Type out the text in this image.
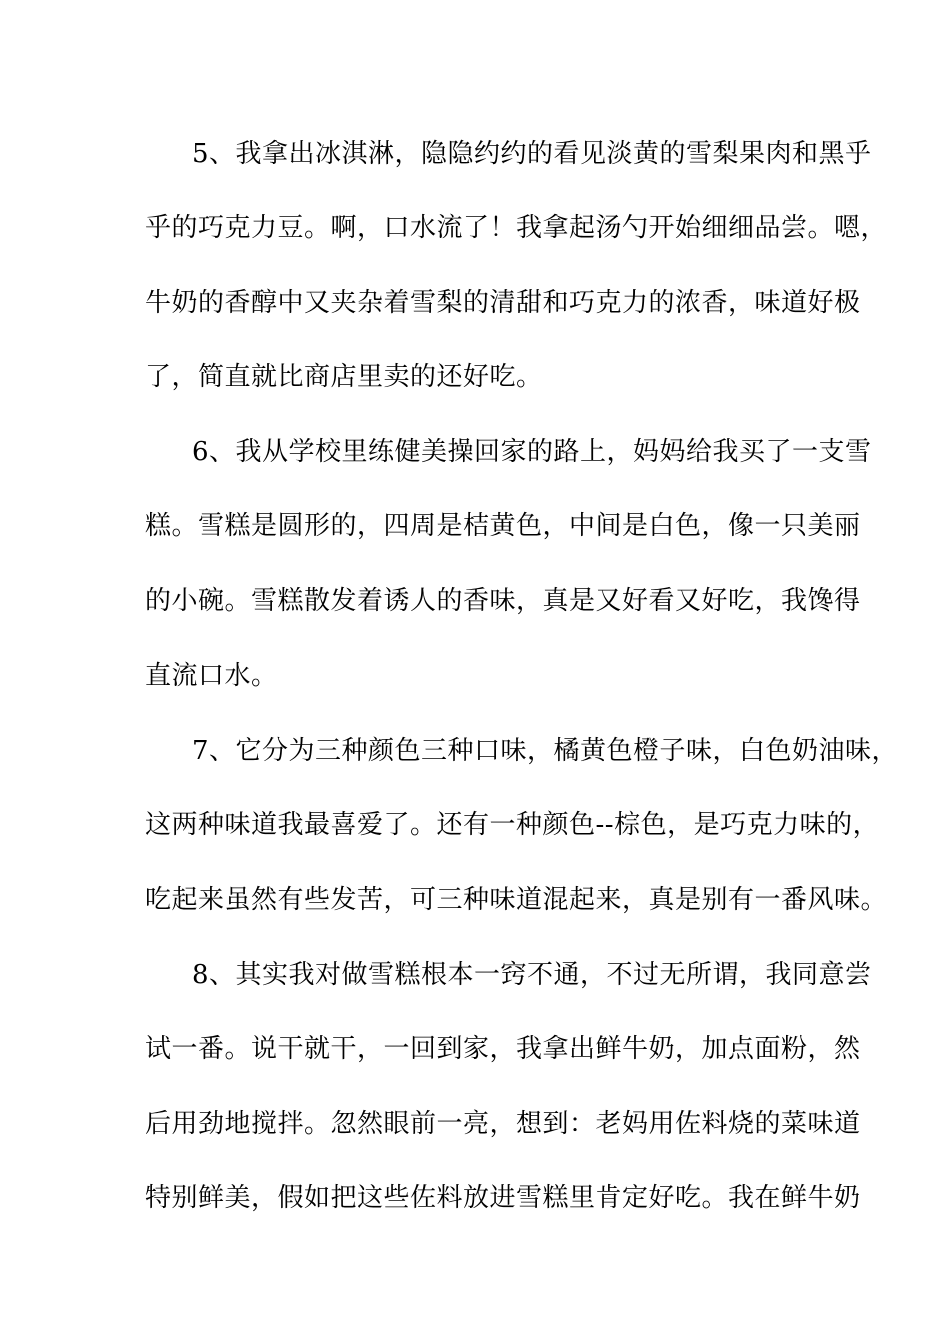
5、我拿出冰淇淋，隐隐约约的看见淡黄的雪梨果肉和黑乎
乎的巧克力豆。啊，口水流了！我拿起汤勺开始细细品尝。嗯，
牛奶的香醇中又夹杂着雪梨的清甜和巧克力的浓香，味道好极
了，简直就比商店里卖的还好吃。
6、我从学校里练健美操回家的路上，妈妈给我买了一支雪
糕。雪糕是圆形的，四周是桔黄色，中间是白色，像一只美丽
的小碗。雪糕散发着诱人的香味，真是又好看又好吃，我馋得
直流口水。
7、它分为三种颜色三种口味，橘黄色橙子味，白色奶油味，
这两种味道我最喜爱了。还有一种颜色--棕色，是巧克力味的，
吃起来虽然有些发苦，可三种味道混起来，真是别有一番风味。
8、其实我对做雪糕根本一窍不通，不过无所谓，我同意尝
试一番。说干就干，一回到家，我拿出鲜牛奶，加点面粉，然
后用劲地搅拌。忽然眼前一亮，想到：老妈用佐料烧的菜味道
特别鲜美，假如把这些佐料放进雪糕里肯定好吃。我在鲜牛奶
